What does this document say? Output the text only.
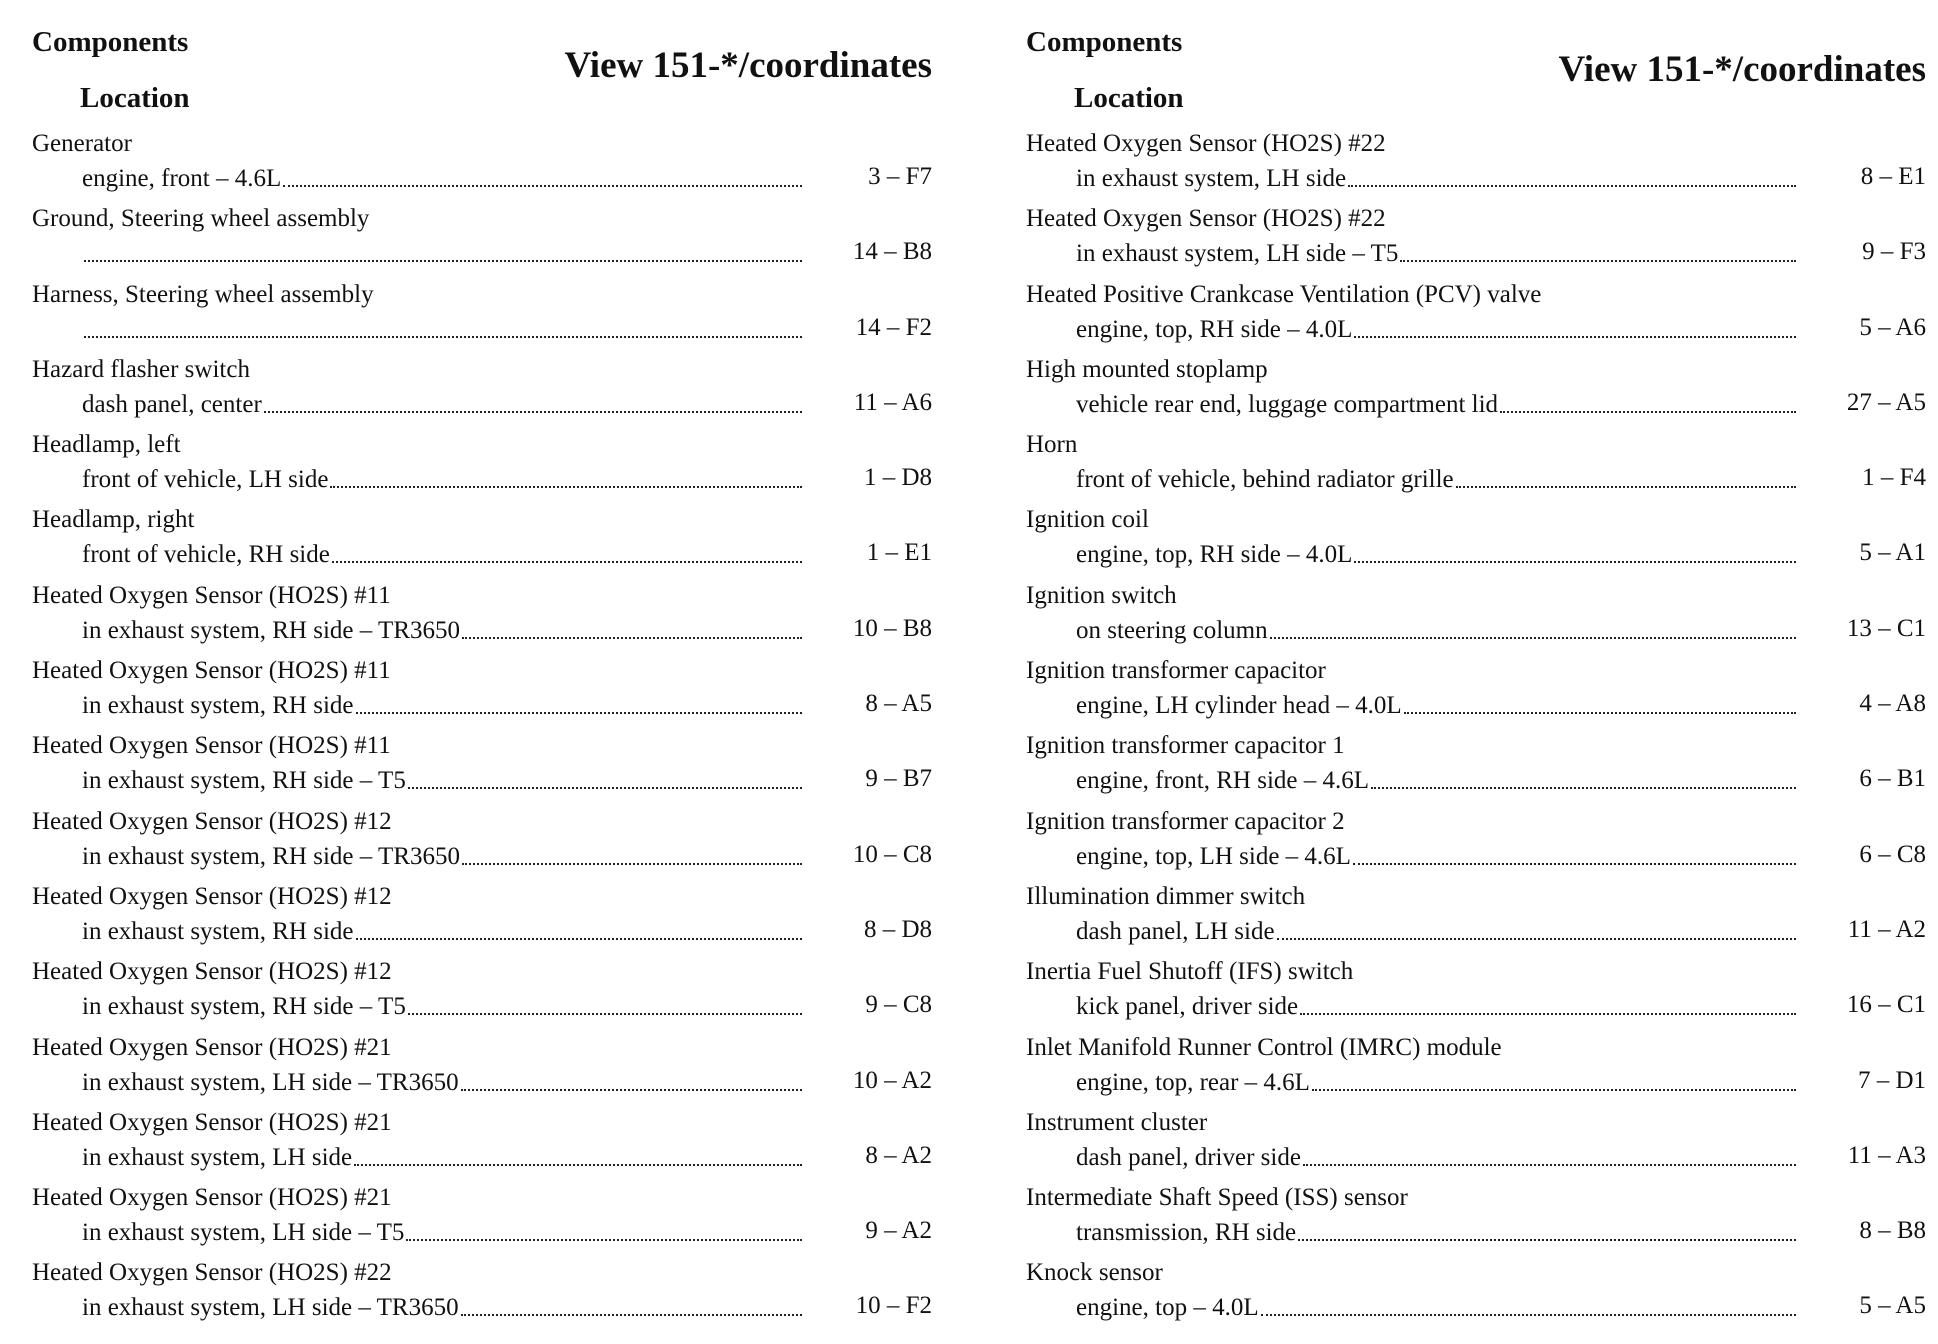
Components
Location
View 151-*/coordinates
Generator
engine, front – 4.6L	3 – F7
Ground, Steering wheel assembly
14 – B8
Harness, Steering wheel assembly
14 – F2
Hazard flasher switch
dash panel, center	11 – A6
Headlamp, left
front of vehicle, LH side	1 – D8
Headlamp, right
front of vehicle, RH side	1 – E1
Heated Oxygen Sensor (HO2S) #11
in exhaust system, RH side – TR3650	10 – B8
Heated Oxygen Sensor (HO2S) #11
in exhaust system, RH side	8 – A5
Heated Oxygen Sensor (HO2S) #11
in exhaust system, RH side – T5	9 – B7
Heated Oxygen Sensor (HO2S) #12
in exhaust system, RH side – TR3650	10 – C8
Heated Oxygen Sensor (HO2S) #12
in exhaust system, RH side	8 – D8
Heated Oxygen Sensor (HO2S) #12
in exhaust system, RH side – T5	9 – C8
Heated Oxygen Sensor (HO2S) #21
in exhaust system, LH side – TR3650	10 – A2
Heated Oxygen Sensor (HO2S) #21
in exhaust system, LH side	8 – A2
Heated Oxygen Sensor (HO2S) #21
in exhaust system, LH side – T5	9 – A2
Heated Oxygen Sensor (HO2S) #22
in exhaust system, LH side – TR3650	10 – F2
Components
Location
View 151-*/coordinates
Heated Oxygen Sensor (HO2S) #22
in exhaust system, LH side	8 – E1
Heated Oxygen Sensor (HO2S) #22
in exhaust system, LH side – T5	9 – F3
Heated Positive Crankcase Ventilation (PCV) valve
engine, top, RH side – 4.0L	5 – A6
High mounted stoplamp
vehicle rear end, luggage compartment lid	27 – A5
Horn
front of vehicle, behind radiator grille	1 – F4
Ignition coil
engine, top, RH side – 4.0L	5 – A1
Ignition switch
on steering column	13 – C1
Ignition transformer capacitor
engine, LH cylinder head – 4.0L	4 – A8
Ignition transformer capacitor 1
engine, front, RH side – 4.6L	6 – B1
Ignition transformer capacitor 2
engine, top, LH side – 4.6L	6 – C8
Illumination dimmer switch
dash panel, LH side	11 – A2
Inertia Fuel Shutoff (IFS) switch
kick panel, driver side	16 – C1
Inlet Manifold Runner Control (IMRC) module
engine, top, rear – 4.6L	7 – D1
Instrument cluster
dash panel, driver side	11 – A3
Intermediate Shaft Speed (ISS) sensor
transmission, RH side	8 – B8
Knock sensor
engine, top – 4.0L	5 – A5
